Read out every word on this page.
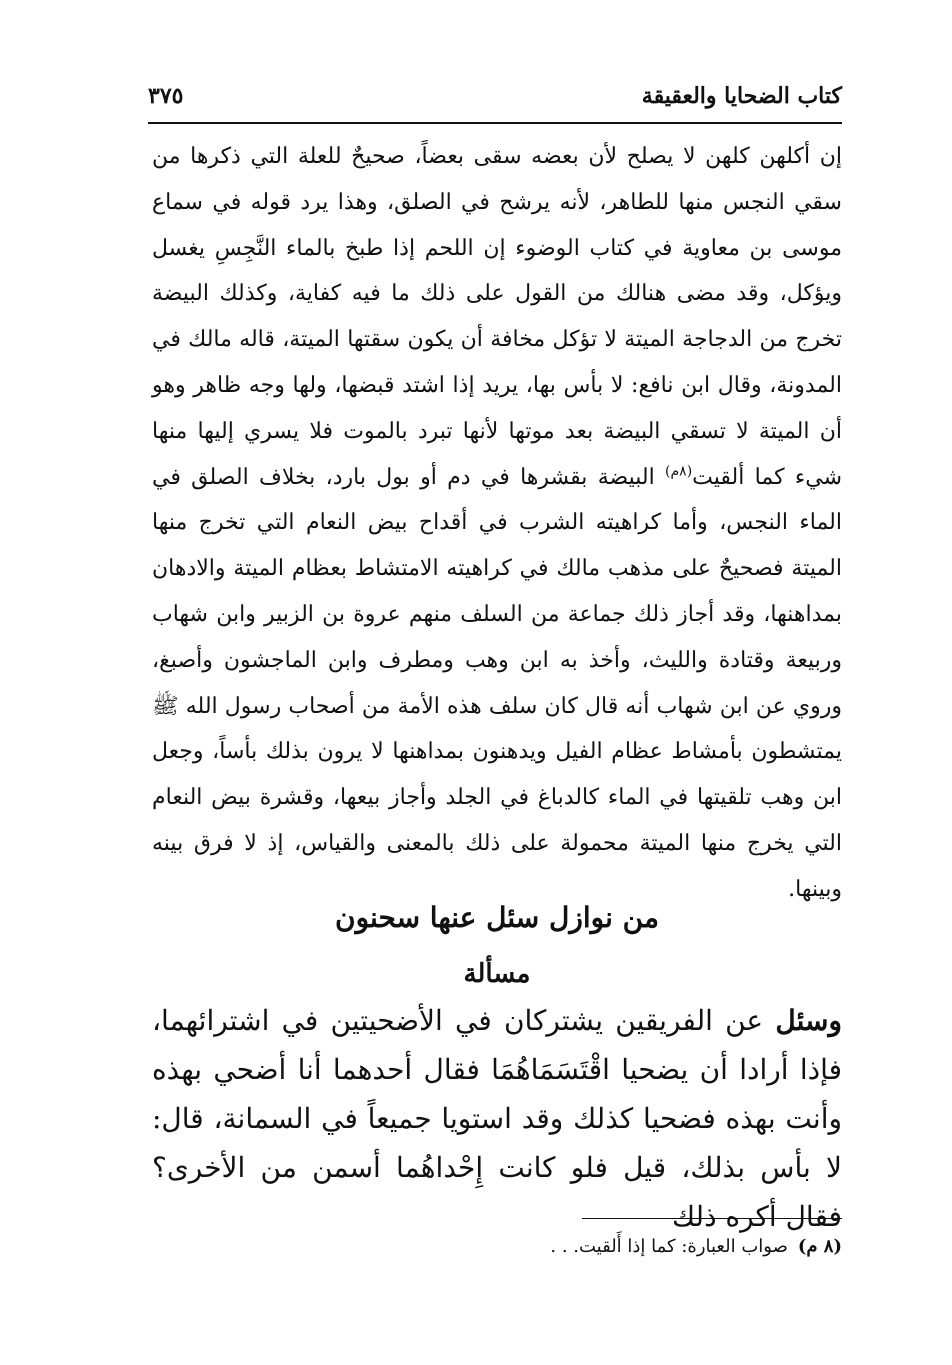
كتاب الضحايا والعقيقة
٣٧٥

إن أكلهن كلهن لا يصلح لأن بعضه سقى بعضاً، صحيحٌ للعلة التي ذكرها من سقي النجس منها للطاهر، لأنه يرشح في الصلق، وهذا يرد قوله في سماع موسى بن معاوية في كتاب الوضوء إن اللحم إذا طبخ بالماء النَّجِسِ يغسل ويؤكل، وقد مضى هنالك من القول على ذلك ما فيه كفاية، وكذلك البيضة تخرج من الدجاجة الميتة لا تؤكل مخافة أن يكون سقتها الميتة، قاله مالك في المدونة، وقال ابن نافع: لا بأس بها، يريد إذا اشتد قبضها، ولها وجه ظاهر وهو أن الميتة لا تسقي البيضة بعد موتها لأنها تبرد بالموت فلا يسري إليها منها شيء كما ألقيت$^{(٨م)}$ البيضة بقشرها في دم أو بول بارد، بخلاف الصلق في الماء النجس، وأما كراهيته الشرب في أقداح بيض النعام التي تخرج منها الميتة فصحيحٌ على مذهب مالك في كراهيته الامتشاط بعظام الميتة والادهان بمداهنها، وقد أجاز ذلك جماعة من السلف منهم عروة بن الزبير وابن شهاب وربيعة وقتادة والليث، وأخذ به ابن وهب ومطرف وابن الماجشون وأصبغ، وروي عن ابن شهاب أنه قال كان سلف هذه الأمة من أصحاب رسول الله ﷺ يمتشطون بأمشاط عظام الفيل ويدهنون بمداهنها لا يرون بذلك بأساً، وجعل ابن وهب تلقيتها في الماء كالدباغ في الجلد وأجاز بيعها، وقشرة بيض النعام التي يخرج منها الميتة محمولة على ذلك بالمعنى والقياس، إذ لا فرق بينه وبينها.

من نوازل سئل عنها سحنون
مسألة

وسئل عن الفريقين يشتركان في الأضحيتين في اشترائهما، فإذا أرادا أن يضحيا اقْتَسَمَاهُمَا فقال أحدهما أنا أضحي بهذه وأنت بهذه فضحيا كذلك وقد استويا جميعاً في السمانة، قال: لا بأس بذلك، قيل فلو كانت إِحْداهُما أسمن من الأخرى؟ فقال أكره ذلك

(٨ م)صواب العبارة: كما إذا أَلقيت. . .
